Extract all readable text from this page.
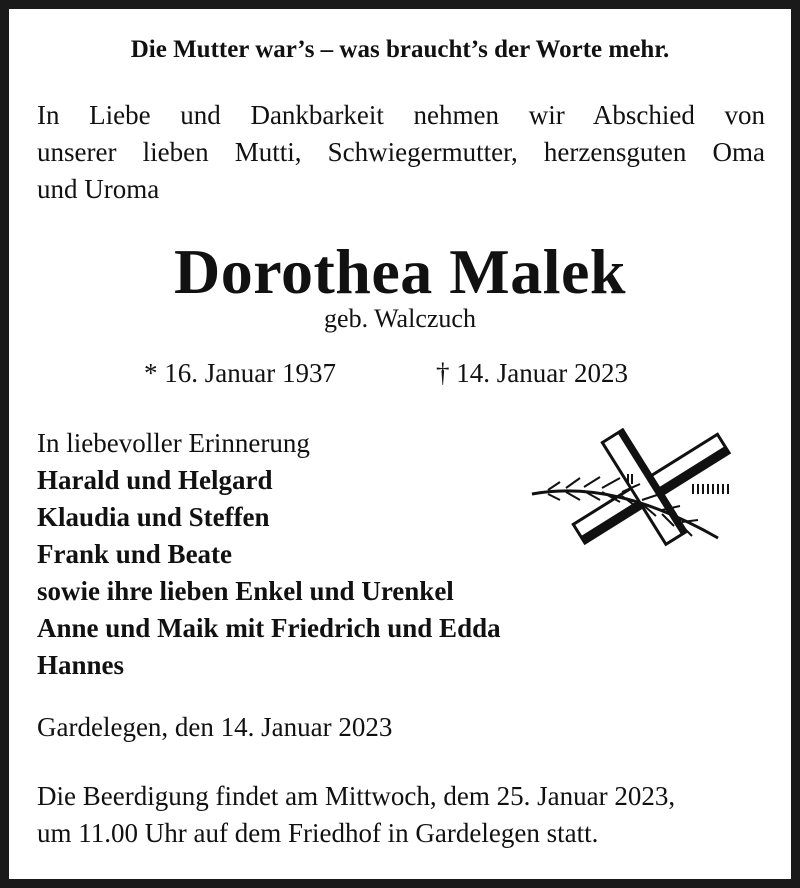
Die Mutter war’s – was braucht’s der Worte mehr.
In Liebe und Dankbarkeit nehmen wir Abschied von
unserer lieben Mutti, Schwiegermutter, herzensguten Oma
und Uroma
Dorothea Malek
geb. Walczuch
* 16. Januar 1937	† 14. Januar 2023
In liebevoller Erinnerung
Harald und Helgard
Klaudia und Steffen
Frank und Beate
sowie ihre lieben Enkel und Urenkel
Anne und Maik mit Friedrich und Edda
Hannes
Gardelegen, den 14. Januar 2023
Die Beerdigung findet am Mittwoch, dem 25. Januar 2023,
um 11.00 Uhr auf dem Friedhof in Gardelegen statt.
